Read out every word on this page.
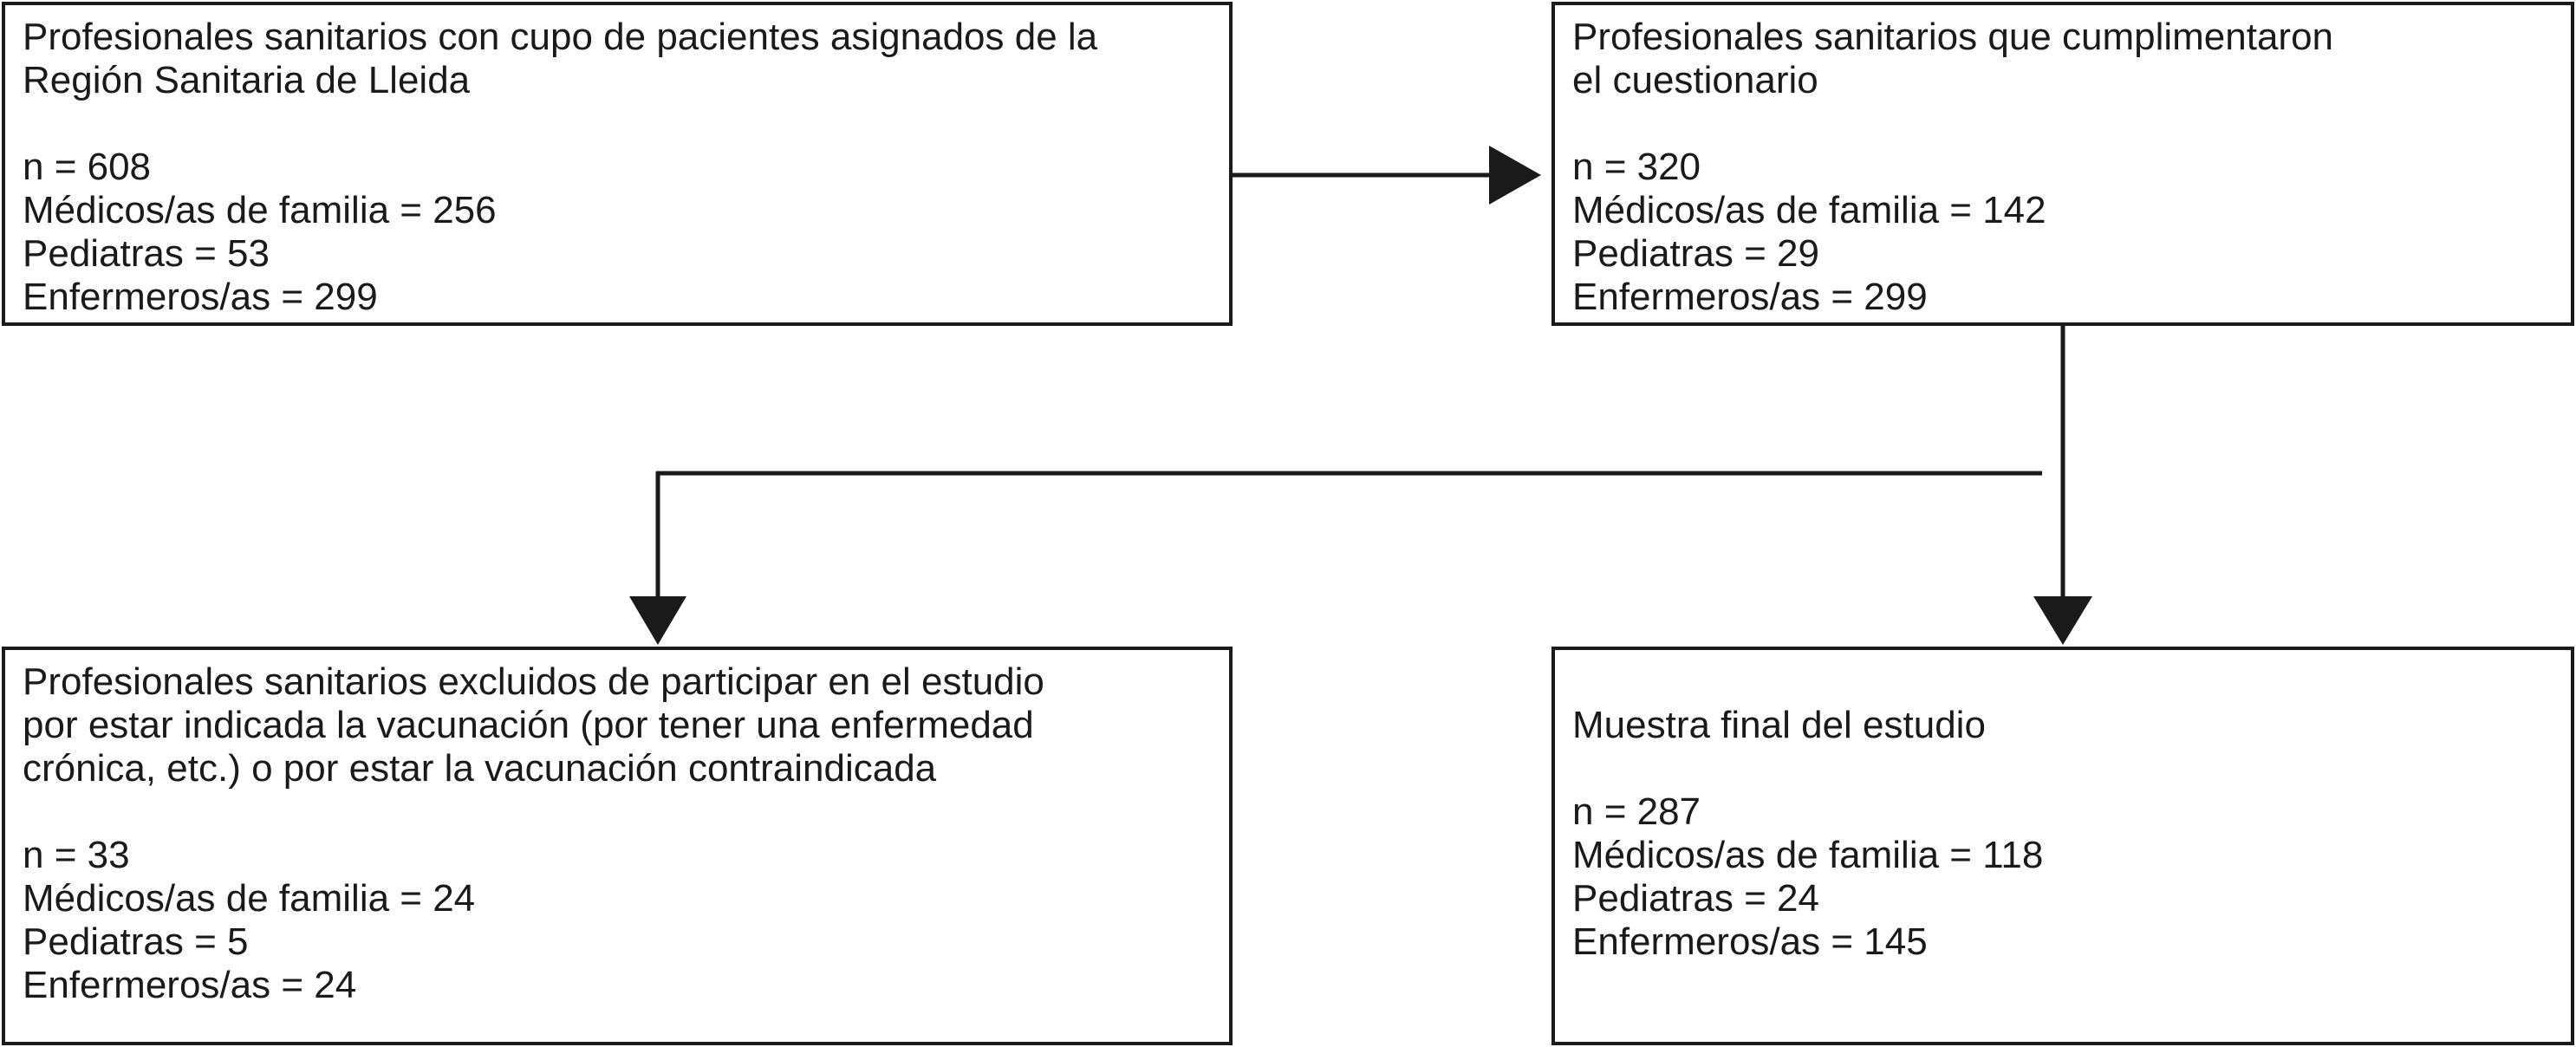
Profesionales sanitarios con cupo de pacientes asignados de la
Región Sanitaria de Lleida
n = 608
Médicos/as de familia = 256
Pediatras = 53
Enfermeros/as = 299
Profesionales sanitarios que cumplimentaron
el cuestionario
n = 320
Médicos/as de familia = 142
Pediatras = 29
Enfermeros/as = 299
Profesionales sanitarios excluidos de participar en el estudio
por estar indicada la vacunación (por tener una enfermedad
crónica, etc.) o por estar la vacunación contraindicada
n = 33
Médicos/as de familia = 24
Pediatras = 5
Enfermeros/as = 24
Muestra final del estudio
n = 287
Médicos/as de familia = 118
Pediatras = 24
Enfermeros/as = 145
